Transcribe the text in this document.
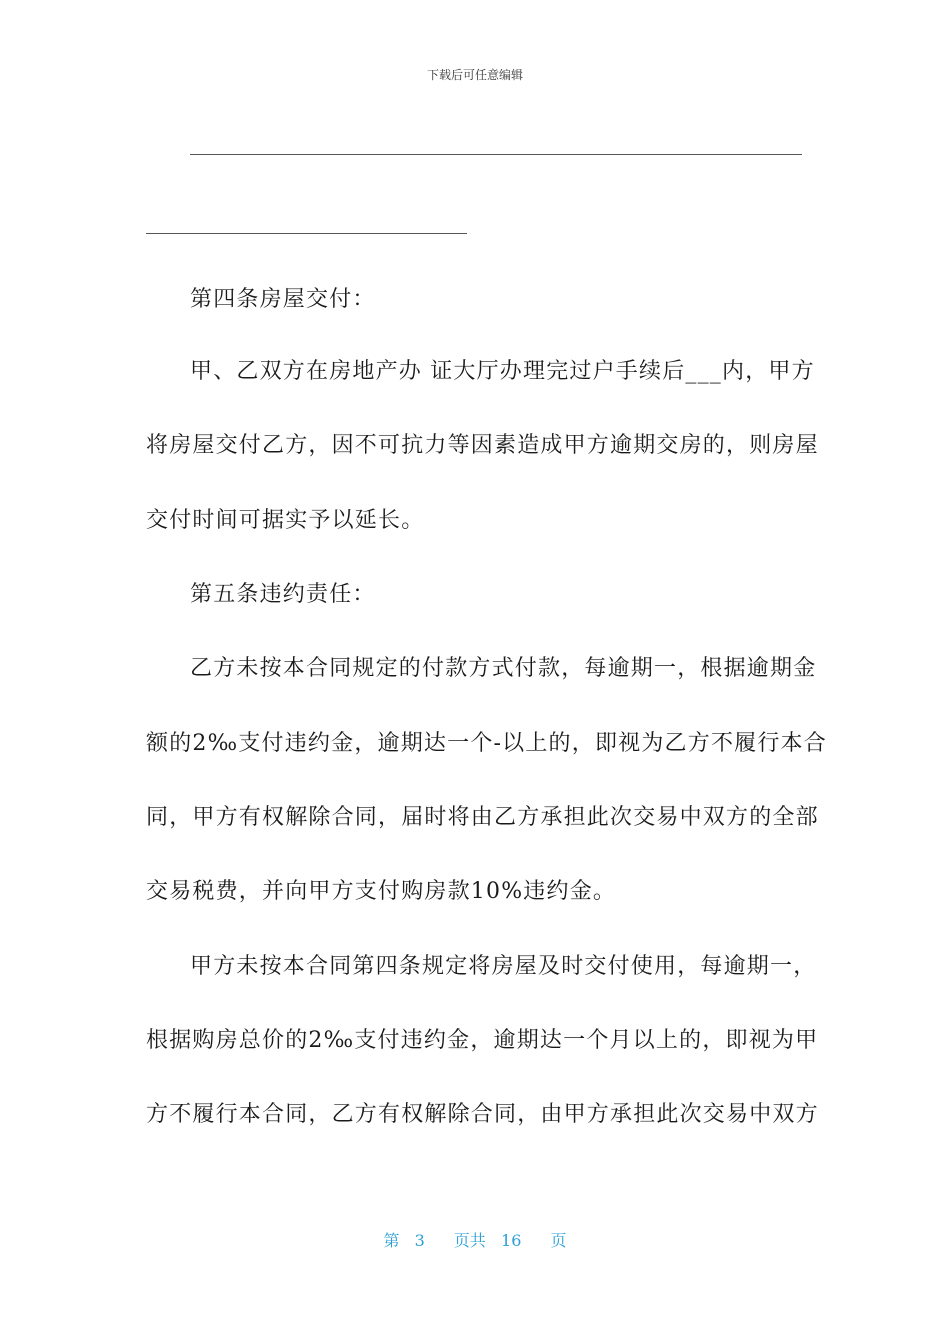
下载后可任意编辑
第四条房屋交付：
甲、乙双方在房地产办 证大厅办理完过户手续后___内，甲方
将房屋交付乙方，因不可抗力等因素造成甲方逾期交房的，则房屋
交付时间可据实予以延长。
第五条违约责任：
乙方未按本合同规定的付款方式付款，每逾期一，根据逾期金
额的2‰支付违约金，逾期达一个-以上的，即视为乙方不履行本合
同，甲方有权解除合同，届时将由乙方承担此次交易中双方的全部
交易税费，并向甲方支付购房款10%违约金。
甲方未按本合同第四条规定将房屋及时交付使用，每逾期一，
根据购房总价的2‰支付违约金，逾期达一个月以上的，即视为甲
方不履行本合同，乙方有权解除合同，由甲方承担此次交易中双方
第 3 页共 16 页
